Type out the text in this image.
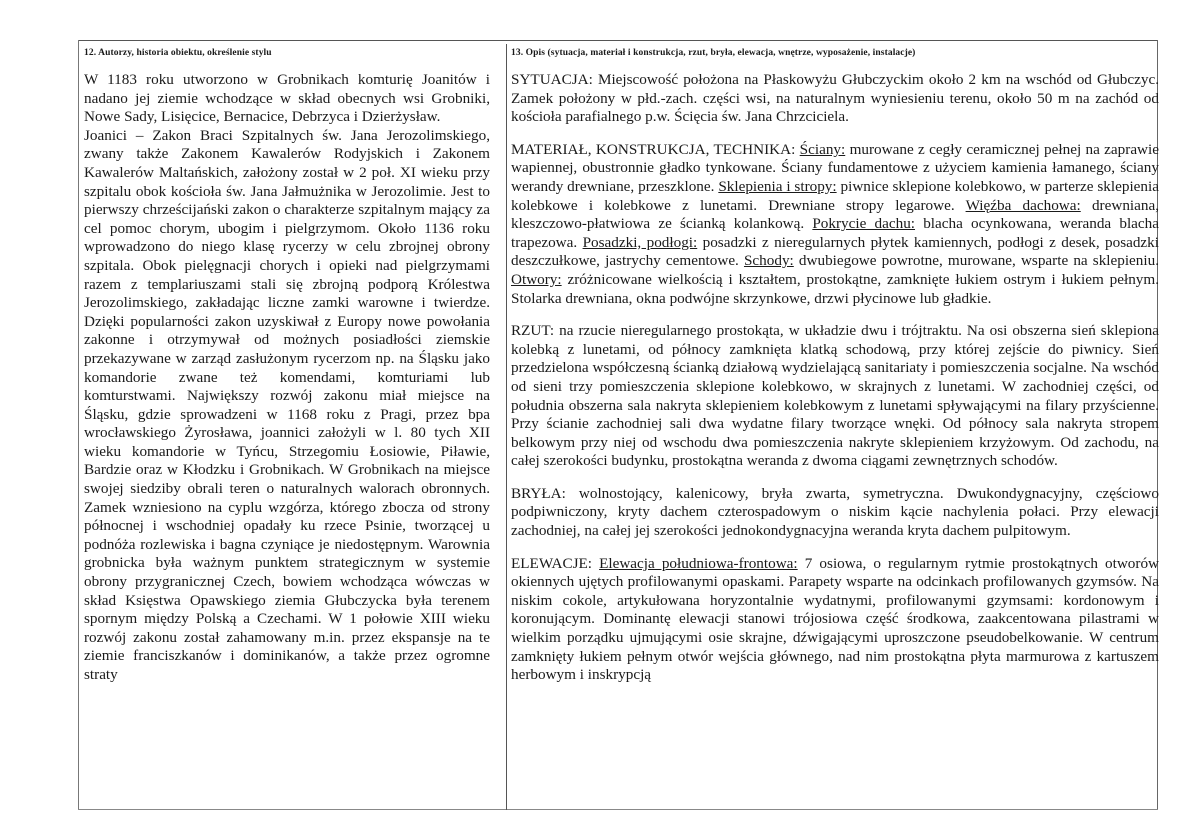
12. Autorzy, historia obiektu, określenie stylu

W 1183 roku utworzono w Grobnikach komturię Joanitów i nadano jej ziemie wchodzące w skład obecnych wsi Grobniki, Nowe Sady, Lisięcice, Bernacice, Debrzyca i Dzierżysław.

Joanici – Zakon Braci Szpitalnych św. Jana Jerozolimskiego, zwany także Zakonem Kawalerów Rodyjskich i Zakonem Kawalerów Maltańskich, założony został w 2 poł. XI wieku przy szpitalu obok kościoła św. Jana Jałmużnika w Jerozolimie. Jest to pierwszy chrześcijański zakon o charakterze szpitalnym mający za cel pomoc chorym, ubogim i pielgrzymom. Około 1136 roku wprowadzono do niego klasę rycerzy w celu zbrojnej obrony szpitala. Obok pielęgnacji chorych i opieki nad pielgrzymami razem z templariuszami stali się zbrojną podporą Królestwa Jerozolimskiego, zakładając liczne zamki warowne i twierdze. Dzięki popularności zakon uzyskiwał z Europy nowe powołania zakonne i otrzymywał od możnych posiadłości ziemskie przekazywane w zarząd zasłużonym rycerzom np. na Śląsku jako komandorie zwane też komendami, komturiami lub komturstwami. Największy rozwój zakonu miał miejsce na Śląsku, gdzie sprowadzeni w 1168 roku z Pragi, przez bpa wrocławskiego Żyrosława, joannici założyli w l. 80 tych XII wieku komandorie w Tyńcu, Strzegomiu Łosiowie, Piławie, Bardzie oraz w Kłodzku i Grobnikach. W Grobnikach na miejsce swojej siedziby obrali teren o naturalnych walorach obronnych. Zamek wzniesiono na cyplu wzgórza, którego zbocza od strony północnej i wschodniej opadały ku rzece Psinie, tworzącej u podnóża rozlewiska i bagna czyniące je niedostępnym. Warownia grobnicka była ważnym punktem strategicznym w systemie obrony przygranicznej Czech, bowiem wchodząca wówczas w skład Księstwa Opawskiego ziemia Głubczycka była terenem spornym między Polską a Czechami. W 1 połowie XIII wieku rozwój zakonu został zahamowany m.in. przez ekspansje na te ziemie franciszkanów i dominikanów, a także przez ogromne straty

13. Opis (sytuacja, materiał i konstrukcja, rzut, bryła, elewacja, wnętrze, wyposażenie, instalacje)

SYTUACJA: Miejscowość położona na Płaskowyżu Głubczyckim około 2 km na wschód od Głubczyc. Zamek położony w płd.-zach. części wsi, na naturalnym wyniesieniu terenu, około 50 m na zachód od kościoła parafialnego p.w. Ścięcia św. Jana Chrzciciela.

MATERIAŁ, KONSTRUKCJA, TECHNIKA: Ściany: murowane z cegły ceramicznej pełnej na zaprawie wapiennej, obustronnie gładko tynkowane. Ściany fundamentowe z użyciem kamienia łamanego, ściany werandy drewniane, przeszklone. Sklepienia i stropy: piwnice sklepione kolebkowo, w parterze sklepienia kolebkowe i kolebkowe z lunetami. Drewniane stropy legarowe. Więźba dachowa: drewniana, kleszczowo-płatwiowa ze ścianką kolankową. Pokrycie dachu: blacha ocynkowana, weranda blacha trapezowa. Posadzki, podłogi: posadzki z nieregularnych płytek kamiennych, podłogi z desek, posadzki deszczułkowe, jastrychy cementowe. Schody: dwubiegowe powrotne, murowane, wsparte na sklepieniu. Otwory: zróżnicowane wielkością i kształtem, prostokątne, zamknięte łukiem ostrym i łukiem pełnym. Stolarka drewniana, okna podwójne skrzynkowe, drzwi płycinowe lub gładkie.

RZUT: na rzucie nieregularnego prostokąta, w układzie dwu i trójtraktu. Na osi obszerna sień sklepiona kolebką z lunetami, od północy zamknięta klatką schodową, przy której zejście do piwnicy. Sień przedzielona współczesną ścianką działową wydzielającą sanitariaty i pomieszczenia socjalne. Na wschód od sieni trzy pomieszczenia sklepione kolebkowo, w skrajnych z lunetami. W zachodniej części, od południa obszerna sala nakryta sklepieniem kolebkowym z lunetami spływającymi na filary przyścienne. Przy ścianie zachodniej sali dwa wydatne filary tworzące wnęki. Od północy sala nakryta stropem belkowym przy niej od wschodu dwa pomieszczenia nakryte sklepieniem krzyżowym. Od zachodu, na całej szerokości budynku, prostokątna weranda z dwoma ciągami zewnętrznych schodów.

BRYŁA: wolnostojący, kalenicowy, bryła zwarta, symetryczna. Dwukondygnacyjny, częściowo podpiwniczony, kryty dachem czterospadowym o niskim kącie nachylenia połaci. Przy elewacji zachodniej, na całej jej szerokości jednokondygnacyjna weranda kryta dachem pulpitowym.

ELEWACJE: Elewacja południowa-frontowa: 7 osiowa, o regularnym rytmie prostokątnych otworów okiennych ujętych profilowanymi opaskami. Parapety wsparte na odcinkach profilowanych gzymsów. Na niskim cokole, artykułowana horyzontalnie wydatnymi, profilowanymi gzymsami: kordonowym i koronującym. Dominantę elewacji stanowi trójosiowa część środkowa, zaakcentowana pilastrami w wielkim porządku ujmującymi osie skrajne, dźwigającymi uproszczone pseudobelkowanie. W centrum zamknięty łukiem pełnym otwór wejścia głównego, nad nim prostokątna płyta marmurowa z kartuszem herbowym i inskrypcją
